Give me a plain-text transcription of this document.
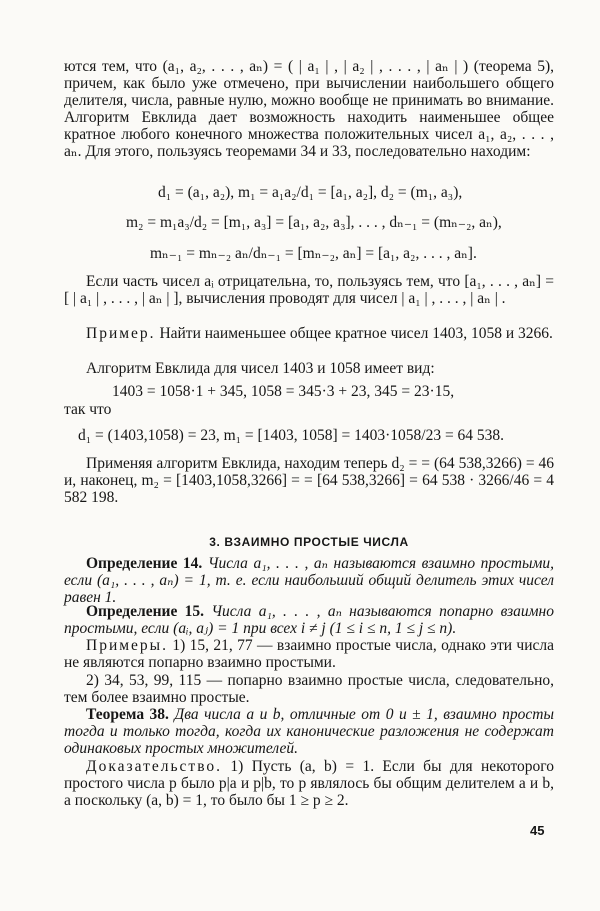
ются тем, что (a₁, a₂, . . . , aₙ) = ( | a₁ | , | a₂ | , . . . , | aₙ | ) (теорема 5), причем, как было уже отмечено, при вычислении наибольшего общего делителя, числа, равные нулю, можно вообще не принимать во внимание. Алгоритм Евклида дает возможность находить наименьшее общее кратное любого конечного множества положительных чисел a₁, a₂, . . . , aₙ. Для этого, пользуясь теоремами 34 и 33, последовательно находим:

d₁ = (a₁, a₂), m₁ = a₁a₂/d₁ = [a₁, a₂], d₂ = (m₁, a₃),
m₂ = m₁a₃/d₂ = [m₁, a₃] = [a₁, a₂, a₃], . . . , dₙ₋₁ = (mₙ₋₂, aₙ),
mₙ₋₁ = mₙ₋₂ aₙ/dₙ₋₁ = [mₙ₋₂, aₙ] = [a₁, a₂, . . . , aₙ].

Если часть чисел aᵢ отрицательна, то, пользуясь тем, что [a₁, . . . , aₙ] = [ | a₁ | , . . . , | aₙ | ], вычисления проводят для чисел | a₁ | , . . . , | aₙ | .

Пример. Найти наименьшее общее кратное чисел 1403, 1058 и 3266.

Алгоритм Евклида для чисел 1403 и 1058 имеет вид:

1403 = 1058·1 + 345, 1058 = 345·3 + 23, 345 = 23·15,

так что

d₁ = (1403,1058) = 23, m₁ = [1403, 1058] = 1403·1058/23 = 64 538.

Применяя алгоритм Евклида, находим теперь d₂ = = (64 538,3266) = 46 и, наконец, m₂ = [1403,1058,3266] = = [64 538,3266] = 64 538 · 3266/46 = 4 582 198.

3. ВЗАИМНО ПРОСТЫЕ ЧИСЛА

Определение 14. Числа a₁, . . . , aₙ называются взаимно простыми, если (a₁, . . . , aₙ) = 1, т. е. если наибольший общий делитель этих чисел равен 1.

Определение 15. Числа a₁, . . . , aₙ называются попарно взаимно простыми, если (aᵢ, aⱼ) = 1 при всех i ≠ j (1 ≤ i ≤ n, 1 ≤ j ≤ n).

Примеры. 1) 15, 21, 77 — взаимно простые числа, однако эти числа не являются попарно взаимно простыми.

2) 34, 53, 99, 115 — попарно взаимно простые числа, следовательно, тем более взаимно простые.

Теорема 38. Два числа a и b, отличные от 0 и ± 1, взаимно просты тогда и только тогда, когда их канонические разложения не содержат одинаковых простых множителей.

Доказательство. 1) Пусть (a, b) = 1. Если бы для некоторого простого числа p было p|a и p|b, то p являлось бы общим делителем a и b, а поскольку (a, b) = 1, то было бы 1 ≥ p ≥ 2.

45
